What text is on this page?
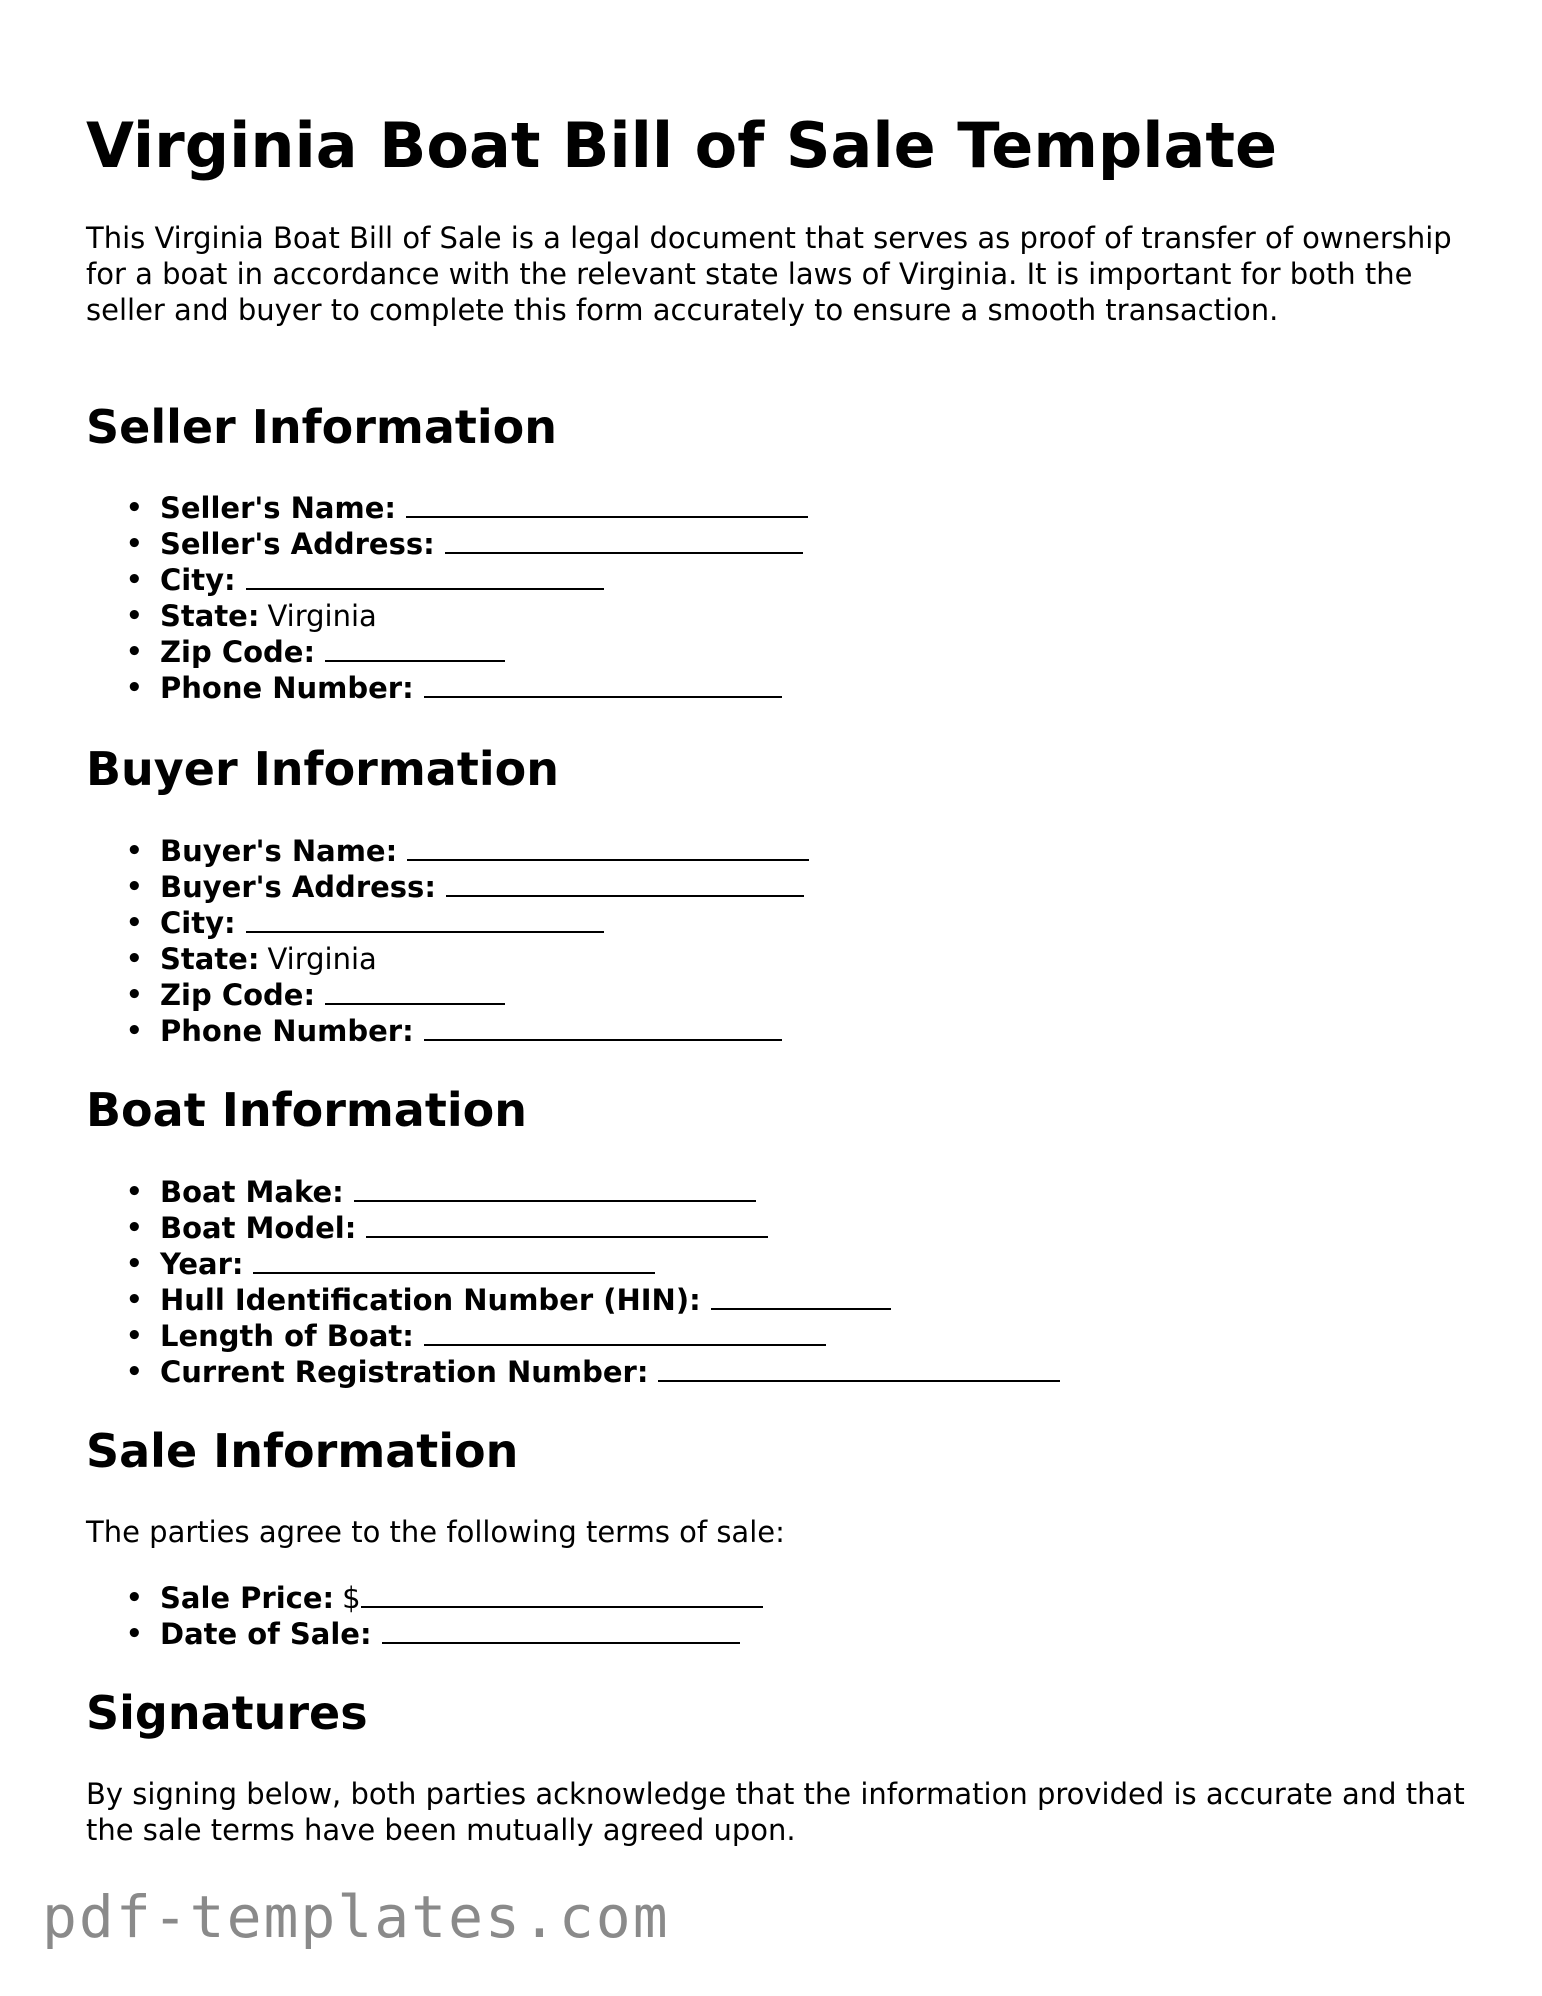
Virginia Boat Bill of Sale Template

This Virginia Boat Bill of Sale is a legal document that serves as proof of transfer of ownership for a boat in accordance with the relevant state laws of Virginia. It is important for both the seller and buyer to complete this form accurately to ensure a smooth transaction.

Seller Information
• Seller's Name:
• Seller's Address:
• City:
• State: Virginia
• Zip Code:
• Phone Number:
Buyer Information
• Buyer's Name:
• Buyer's Address:
• City:
• State: Virginia
• Zip Code:
• Phone Number:
Boat Information
• Boat Make:
• Boat Model:
• Year:
• Hull Identification Number (HIN):
• Length of Boat:
• Current Registration Number:
Sale Information

The parties agree to the following terms of sale:

• Sale Price: $
• Date of Sale:
Signatures

By signing below, both parties acknowledge that the information provided is accurate and that the sale terms have been mutually agreed upon.

pdf-templates.com
